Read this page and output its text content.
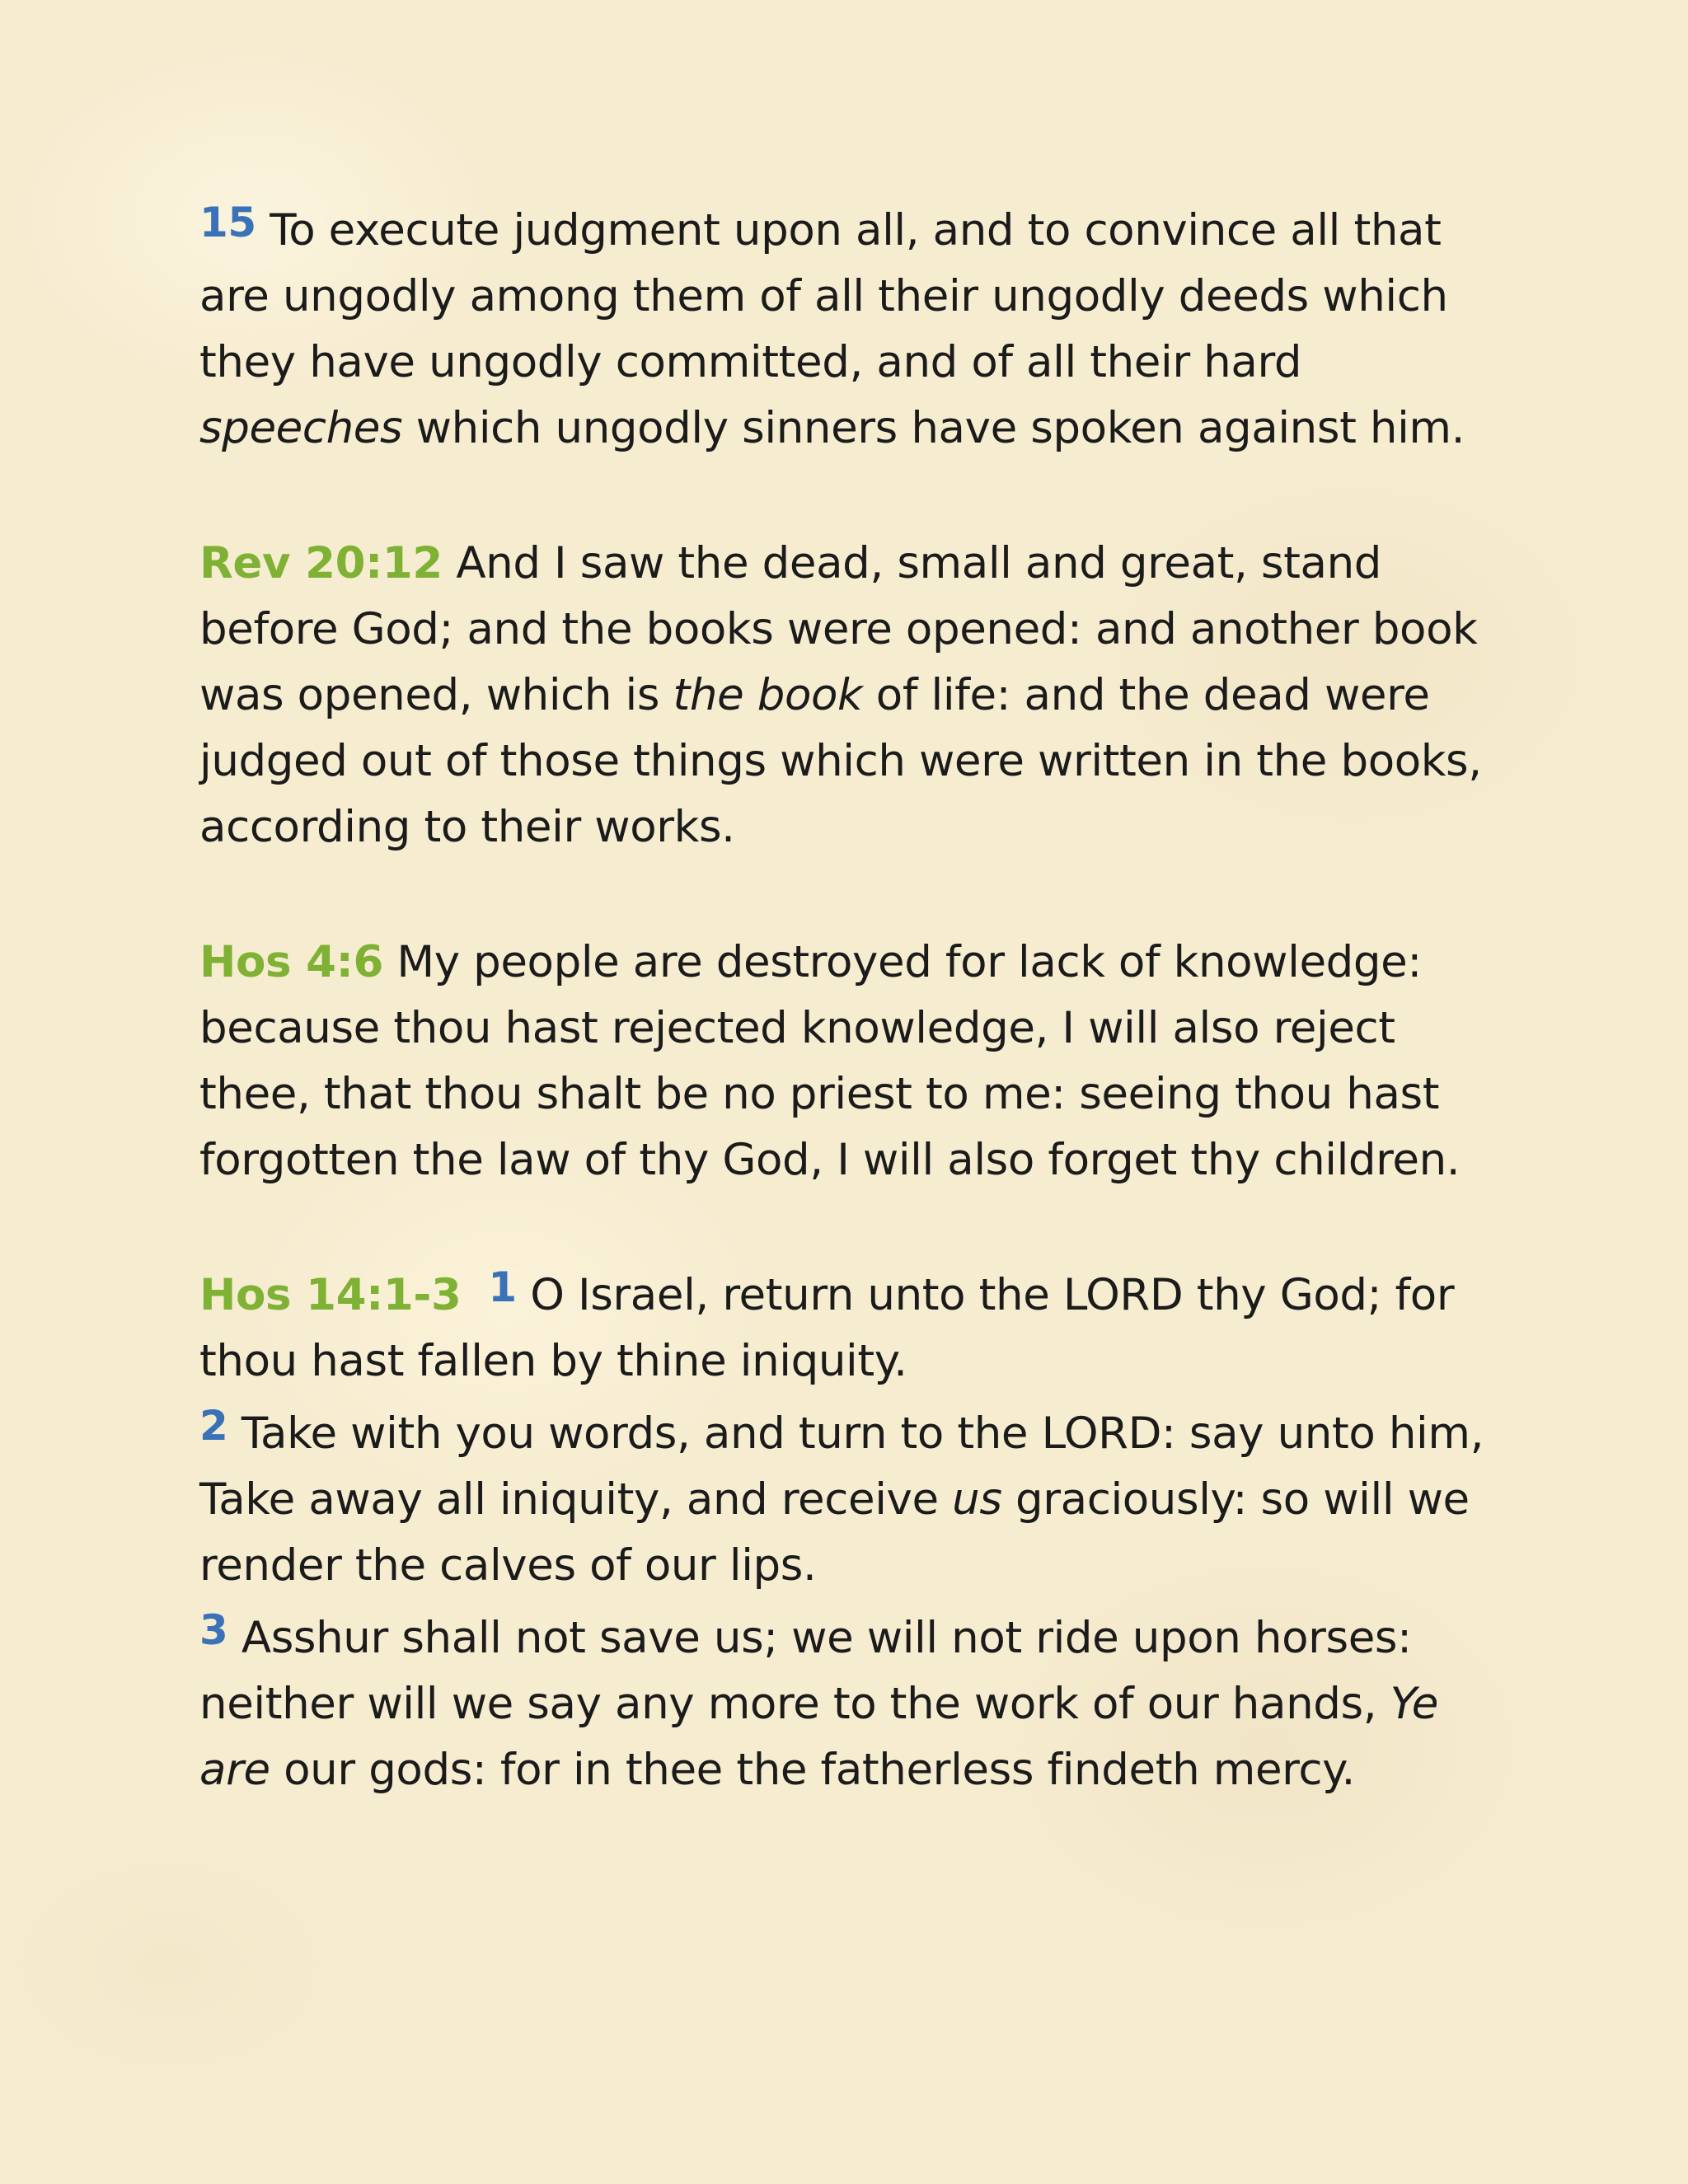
15 To execute judgment upon all, and to convince all that are ungodly among them of all their ungodly deeds which they have ungodly committed, and of all their hard speeches which ungodly sinners have spoken against him.

Rev 20:12 And I saw the dead, small and great, stand before God; and the books were opened: and another book was opened, which is the book of life: and the dead were judged out of those things which were written in the books, according to their works.

Hos 4:6 My people are destroyed for lack of knowledge: because thou hast rejected knowledge, I will also reject thee, that thou shalt be no priest to me: seeing thou hast forgotten the law of thy God, I will also forget thy children.

Hos 14:1-3 1 O Israel, return unto the LORD thy God; for thou hast fallen by thine iniquity.

2 Take with you words, and turn to the LORD: say unto him, Take away all iniquity, and receive us graciously: so will we render the calves of our lips.

3 Asshur shall not save us; we will not ride upon horses: neither will we say any more to the work of our hands, Ye are our gods: for in thee the fatherless findeth mercy.
